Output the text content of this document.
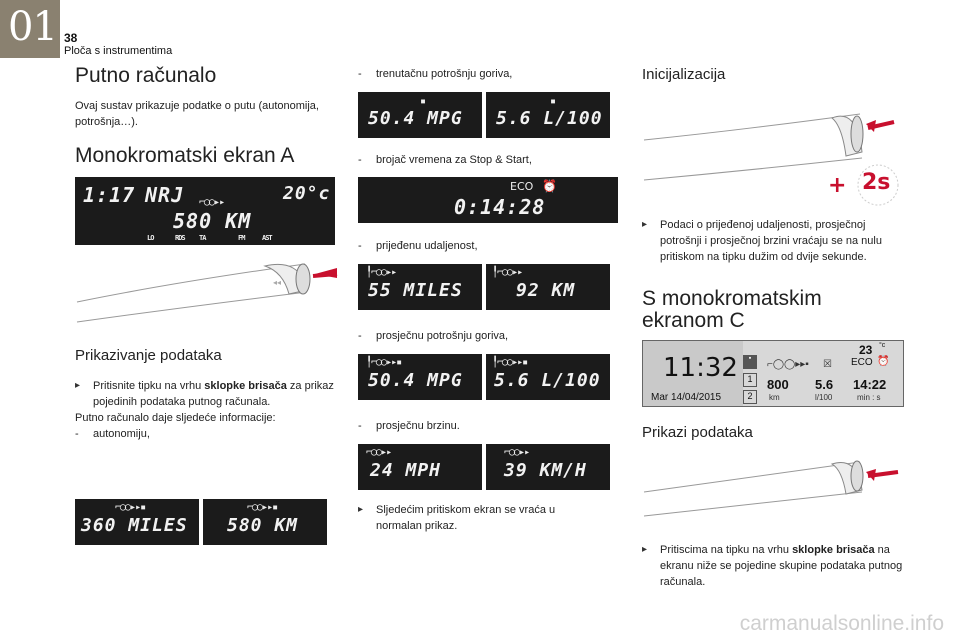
01 38
Ploča s instrumentima
Putno računalo
Ovaj sustav prikazuje podatke o putu (autonomija, potrošnja…).
Monokromatski ekran A
1:17 NRJ	20°c
⌐◯◯▸▸
580 KM
LO	RDS TA	FM	AST
◂◂
Prikazivanje podataka
▸	Pritisnite tipku na vrhu sklopke brisača za prikaz pojedinih podataka putnog računala.
Putno računalo daje sljedeće informacije:
- autonomiju,
⌐◯◯▸▸▪
360 MILES
⌐◯◯▸▸▪
580 KM
- trenutačnu potrošnju goriva,
▪
50.4 MPG
▪
5.6 L/100
- brojač vremena za Stop & Start,
ECO ⏰
0:14:28
- prijeđenu udaljenost,
╿⌐◯◯▸▸
55 MILES
╿⌐◯◯▸▸
92 KM
- prosječnu potrošnju goriva,
╿⌐◯◯▸▸▪
50.4 MPG
╿⌐◯◯▸▸▪
5.6 L/100
- prosječnu brzinu.
⌐◯◯▸▸
24 MPH
⌐◯◯▸▸
39 KM/H
▸	Sljedećim pritiskom ekran se vraća u normalan prikaz.
Inicijalizacija
+ 2s
▸	Podaci o prijeđenoj udaljenosti, prosječnoj potrošnji i prosječnoj brzini vraćaju se na nulu pritiskom na tipku dužim od dvije sekunde.
S monokromatskim ekranom C
11:32
Mar 14/04/2015
23 °c
▪
1
2
⌐◯◯▸▸▪ ☒ ECO ⏰
800
km
5.6
l/100
14:22
min : s
Prikazi podataka
▸	Pritiscima na tipku na vrhu sklopke brisača na ekranu niže se pojedine skupine podataka putnog računala.
carmanualsonline.info
